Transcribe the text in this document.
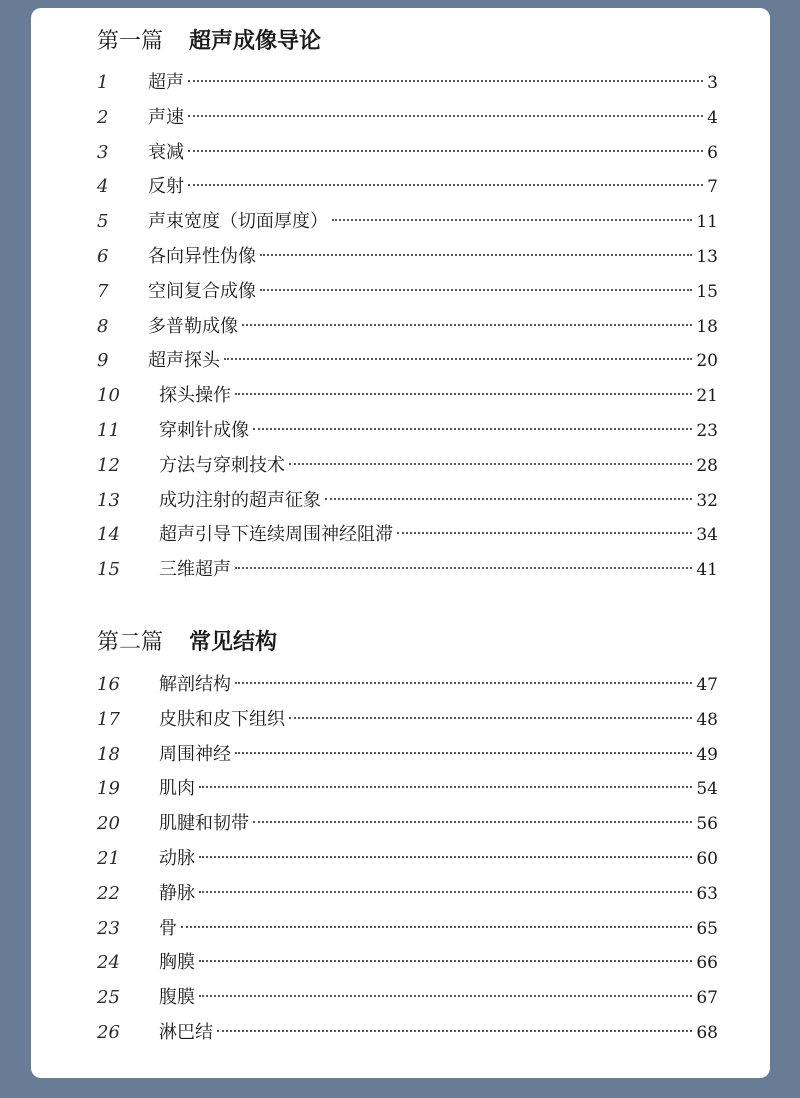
第一篇 超声成像导论
1	超声	3
2	声速	4
3	衰减	6
4	反射	7
5	声束宽度（切面厚度）	11
6	各向异性伪像	13
7	空间复合成像	15
8	多普勒成像	18
9	超声探头	20
10	探头操作	21
11	穿刺针成像	23
12	方法与穿刺技术	28
13	成功注射的超声征象	32
14	超声引导下连续周围神经阻滞	34
15	三维超声	41
第二篇 常见结构
16	解剖结构	47
17	皮肤和皮下组织	48
18	周围神经	49
19	肌肉	54
20	肌腱和韧带	56
21	动脉	60
22	静脉	63
23	骨	65
24	胸膜	66
25	腹膜	67
26	淋巴结	68
